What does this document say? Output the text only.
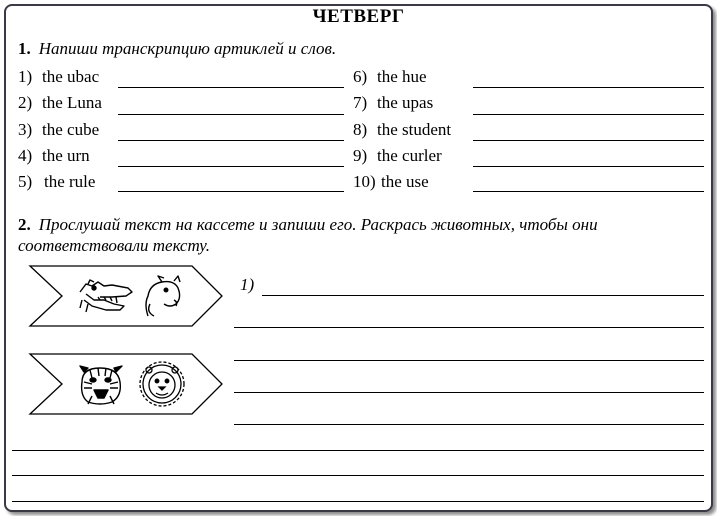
ЧЕТВЕРГ
1. Напиши транскрипцию артиклей и слов.
1) the ubac
2) the Luna
3) the cube
4) the urn
5) the rule
6) the hue
7) the upas
8) the student
9) the curler
10) the use
2. Прослушай текст на кассете и запиши его. Раскрась животных, чтобы они соответствовали тексту.
1)
